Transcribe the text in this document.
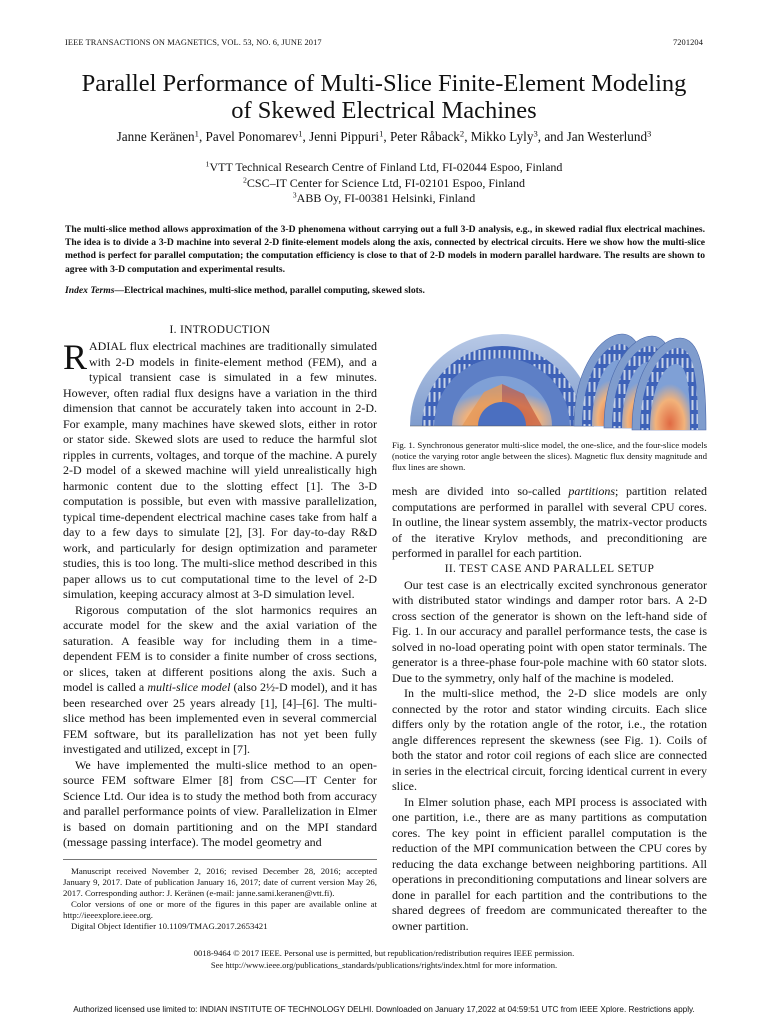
IEEE TRANSACTIONS ON MAGNETICS, VOL. 53, NO. 6, JUNE 2017	7201204
Parallel Performance of Multi-Slice Finite-Element Modeling
of Skewed Electrical Machines
Janne Keränen$^1$, Pavel Ponomarev$^1$, Jenni Pippuri$^1$, Peter Råback$^2$, Mikko Lyly$^3$, and Jan Westerlund$^3$
$^1$VTT Technical Research Centre of Finland Ltd, FI-02044 Espoo, Finland
$^2$CSC–IT Center for Science Ltd, FI-02101 Espoo, Finland
$^3$ABB Oy, FI-00381 Helsinki, Finland
The multi-slice method allows approximation of the 3-D phenomena without carrying out a full 3-D analysis, e.g., in skewed radial flux electrical machines. The idea is to divide a 3-D machine into several 2-D finite-element models along the axis, connected by electrical circuits. Here we show how the multi-slice method is perfect for parallel computation; the computation efficiency is close to that of 2-D models in modern parallel hardware. The results are shown to agree with 3-D computation and experimental results.
Index Terms—Electrical machines, multi-slice method, parallel computing, skewed slots.
I. INTRODUCTION

RADIAL flux electrical machines are traditionally simulated with 2-D models in finite-element method (FEM), and a typical transient case is simulated in a few minutes. However, often radial flux designs have a variation in the third dimension that cannot be accurately taken into account in 2-D. For example, many machines have skewed slots, either in rotor or stator side. Skewed slots are used to reduce the harmful slot ripples in currents, voltages, and torque of the machine. A purely 2-D model of a skewed machine will yield unrealistically high harmonic content due to the slotting effect [1]. The 3-D computation is possible, but even with massive parallelization, typical time-dependent electrical machine cases take from half a day to a few days to simulate [2], [3]. For day-to-day R&D work, and particularly for design optimization and parameter studies, this is too long. The multi-slice method described in this paper allows us to cut computational time to the level of 2-D simulation, keeping accuracy almost at 3-D simulation level.

Rigorous computation of the slot harmonics requires an accurate model for the skew and the axial variation of the saturation. A feasible way for including them in a time-dependent FEM is to consider a finite number of cross sections, or slices, taken at different positions along the axis. Such a model is called a multi-slice model (also 2½-D model), and it has been researched over 25 years already [1], [4]–[6]. The multi-slice method has been implemented even in several commercial FEM software, but its parallelization has not yet been fully investigated and utilized, except in [7].

We have implemented the multi-slice method to an open-source FEM software Elmer [8] from CSC—IT Center for Science Ltd. Our idea is to study the method both from accuracy and parallel performance points of view. Parallelization in Elmer is based on domain partitioning and on the MPI standard (message passing interface). The model geometry and

Manuscript received November 2, 2016; revised December 28, 2016; accepted January 9, 2017. Date of publication January 16, 2017; date of current version May 26, 2017. Corresponding author: J. Keränen (e-mail: janne.sami.keranen@vtt.fi).

Color versions of one or more of the figures in this paper are available online at http://ieeexplore.ieee.org.

Digital Object Identifier 10.1109/TMAG.2017.2653421

Fig. 1. Synchronous generator multi-slice model, the one-slice, and the four-slice models (notice the varying rotor angle between the slices). Magnetic flux density magnitude and flux lines are shown.

mesh are divided into so-called partitions; partition related computations are performed in parallel with several CPU cores. In outline, the linear system assembly, the matrix-vector products of the iterative Krylov methods, and preconditioning are performed in parallel for each partition.

II. TEST CASE AND PARALLEL SETUP

Our test case is an electrically excited synchronous generator with distributed stator windings and damper rotor bars. A 2-D cross section of the generator is shown on the left-hand side of Fig. 1. In our accuracy and parallel performance tests, the case is solved in no-load operating point with open stator terminals. The generator is a three-phase four-pole machine with 60 stator slots. Due to the symmetry, only half of the machine is modeled.

In the multi-slice method, the 2-D slice models are only connected by the rotor and stator winding circuits. Each slice differs only by the rotation angle of the rotor, i.e., the rotation angle differences represent the skewness (see Fig. 1). Coils of both the stator and rotor coil regions of each slice are connected in series in the electrical circuit, forcing identical current in every slice.

In Elmer solution phase, each MPI process is associated with one partition, i.e., there are as many partitions as computation cores. The key point in efficient parallel computation is the reduction of the MPI communication between the CPU cores by reducing the data exchange between neighboring partitions. All operations in preconditioning computations and linear solvers are done in parallel for each partition and the contributions to the shared degrees of freedom are communicated thereafter to the owner partition.

0018-9464 © 2017 IEEE. Personal use is permitted, but republication/redistribution requires IEEE permission.
See http://www.ieee.org/publications_standards/publications/rights/index.html for more information.
Authorized licensed use limited to: INDIAN INSTITUTE OF TECHNOLOGY DELHI. Downloaded on January 17,2022 at 04:59:51 UTC from IEEE Xplore. Restrictions apply.
